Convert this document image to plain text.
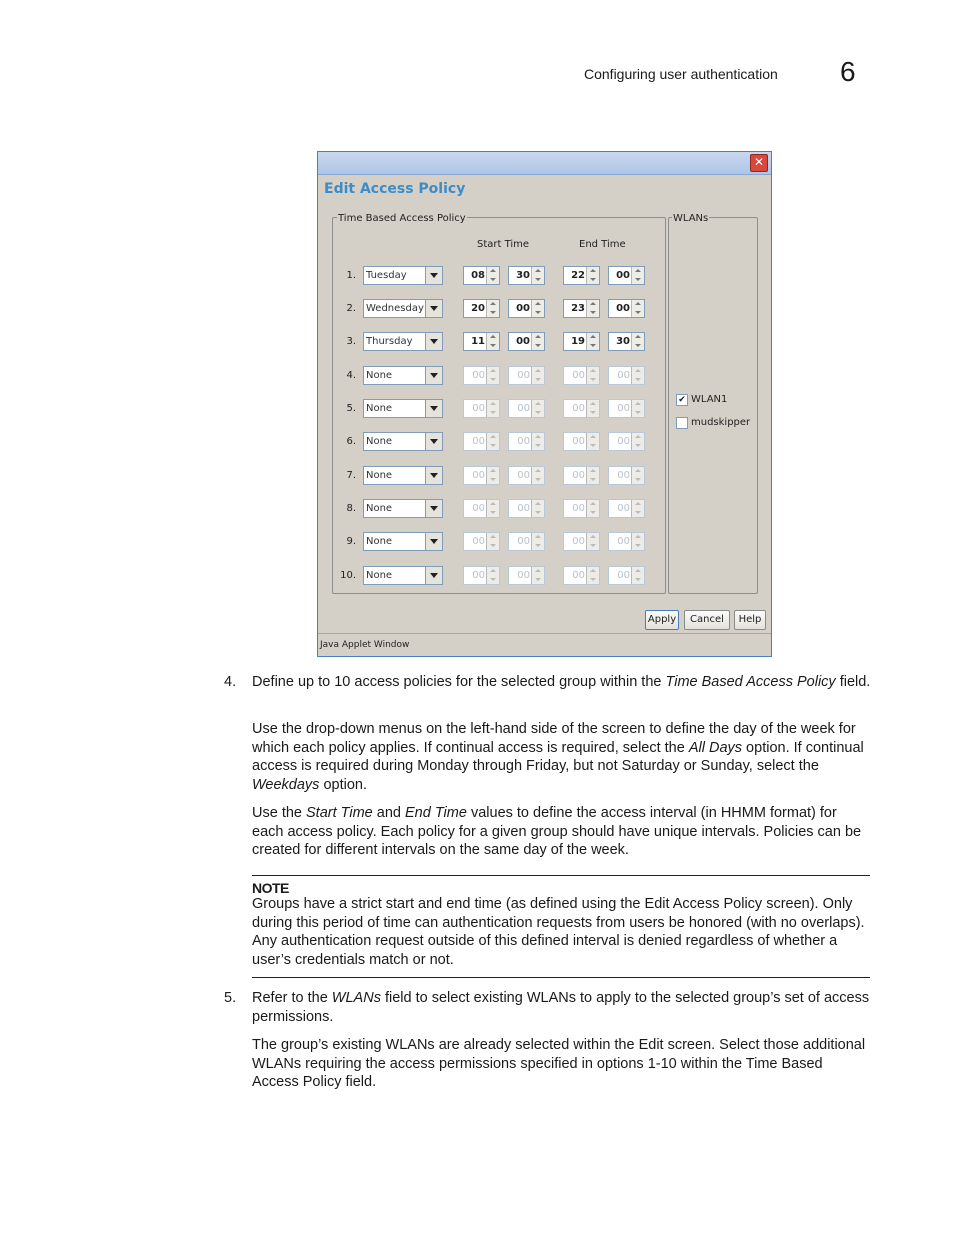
Configuring user authentication 6
✕
Edit Access Policy
Time Based Access Policy	WLANs
Start Time	End Time
1. Tuesday	08	30	22	00
2. Wednesday	20	00	23	00
3. Thursday	11	00	19	30
4. None	00	00	00	00
5. None	00	00	00	00
6. None	00	00	00	00
7. None	00	00	00	00
8. None	00	00	00	00
9. None	00	00	00	00
10. None	00	00	00	00
✔ WLAN1
mudskipper
Apply	Cancel	Help
Java Applet Window
4. Define up to 10 access policies for the selected group within the Time Based Access Policy field.
Use the drop-down menus on the left-hand side of the screen to define the day of the week for which each policy applies. If continual access is required, select the All Days option. If continual access is required during Monday through Friday, but not Saturday or Sunday, select the Weekdays option.
Use the Start Time and End Time values to define the access interval (in HHMM format) for each access policy. Each policy for a given group should have unique intervals. Policies can be created for different intervals on the same day of the week.
NOTE
Groups have a strict start and end time (as defined using the Edit Access Policy screen). Only during this period of time can authentication requests from users be honored (with no overlaps). Any authentication request outside of this defined interval is denied regardless of whether a user’s credentials match or not.
5. Refer to the WLANs field to select existing WLANs to apply to the selected group’s set of access permissions.
The group’s existing WLANs are already selected within the Edit screen. Select those additional WLANs requiring the access permissions specified in options 1-10 within the Time Based Access Policy field.
